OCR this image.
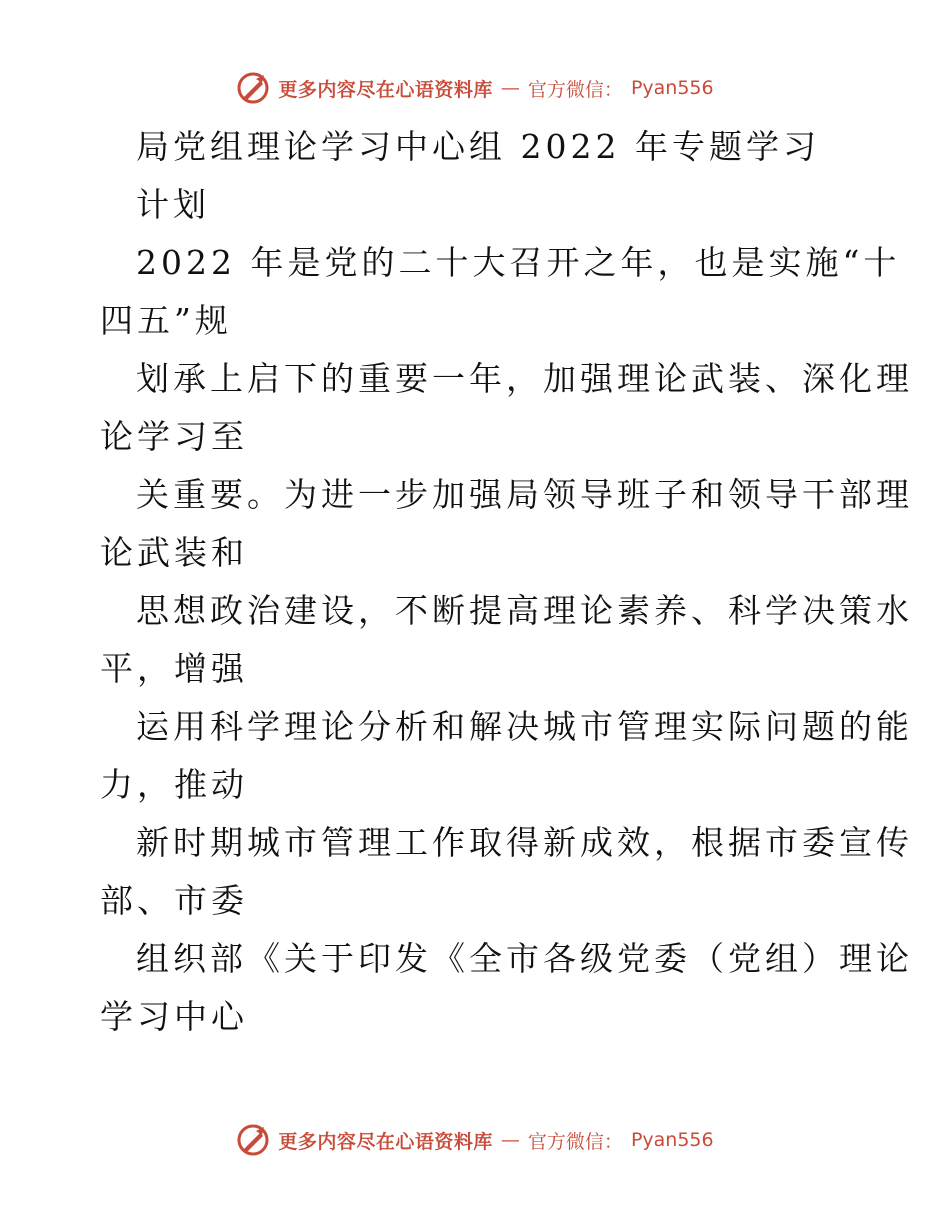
更多内容尽在心语资料库 — 官方微信： Pyan556
局党组理论学习中心组 2022 年专题学习
计划
2022 年是党的二十大召开之年，也是实施“十
四五”规
划承上启下的重要一年，加强理论武装、深化理
论学习至
关重要。为进一步加强局领导班子和领导干部理
论武装和
思想政治建设，不断提高理论素养、科学决策水
平，增强
运用科学理论分析和解决城市管理实际问题的能
力，推动
新时期城市管理工作取得新成效，根据市委宣传
部、市委
组织部《关于印发《全市各级党委（党组）理论
学习中心
更多内容尽在心语资料库 — 官方微信： Pyan556
